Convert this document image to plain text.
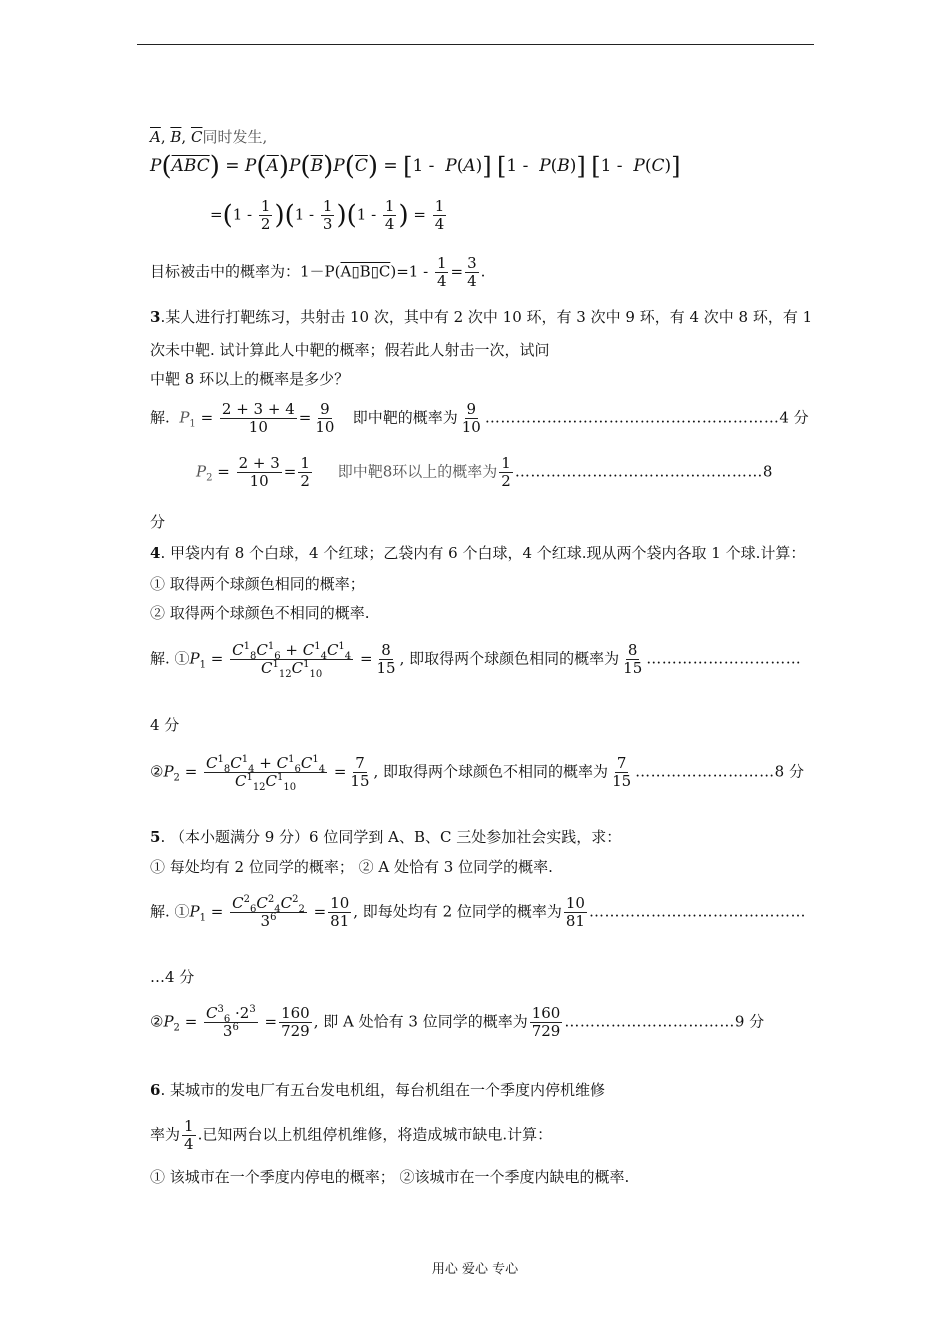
$\overline{A}$, $\overline{B}$, $\overline{C}$同时发生,
$P(\overline{ABC}) = P(\overline{A})P(\overline{B})P(\overline{C}) = [1 - P(A)]$ [1 -  P(B)] [1 -  P(C)]
$=(1 - \frac{1}{2} )(1 - \frac{1}{3} )(1 - \frac{1}{4}$ ) = $\frac{1}{4}$
目标被击中的概率为：1－P(A▯B▯C)=1 - $\frac{1}{4} = \frac{3}{4}$ .
3.某人进行打靶练习，共射击 10 次，其中有 2 次中 10 环，有 3 次中 9 环，有 4 次中 8 环，有 1
次未中靶. 试计算此人中靶的概率；假若此人射击一次，试问
中靶 8 环以上的概率是多少？
解. $P_1 = \frac{2 + 3 + 4}{10} = \frac{9}{10}$ 即中靶的概率为 $\frac{9}{10}$ …………………………………………………4 分
$P_2 = \frac{2 + 3}{10} = \frac{1}{2}$ 即中靶8环以上的概率为 $\frac{1}{2}$ …………………………………………8
分
4. 甲袋内有 8 个白球，4 个红球；乙袋内有 6 个白球，4 个红球.现从两个袋内各取 1 个球.计算：
① 取得两个球颜色相同的概率；
② 取得两个球颜色不相同的概率.
解. $①P_1 = \frac{C^1_8C^1_6 + C^1_4C^1_4}{C^1_{12}C^1_{10}} = \frac{8}{15}$ , 即取得两个球颜色相同的概率为 $\frac{8}{15}$ …………………………
4 分
$②P_2 = \frac{C^1_8C^1_4 + C^1_6C^1_4}{C^1_{12}C^1_{10}} = \frac{7}{15}$ , 即取得两个球颜色不相同的概率为 $\frac{7}{15}$ ………………………8 分
5. （本小题满分 9 分）6 位同学到 A、B、C 三处参加社会实践，求：
① 每处均有 2 位同学的概率； ② A 处恰有 3 位同学的概率.
解. $①P_1 = \frac{C^2_6C^2_4C^2_2}{3^6} = \frac{10}{81}$ , 即每处均有 2 位同学的概率为 $\frac{10}{81}$ ……………………………………
…4 分
$②P_2 = \frac{C^3_6 \cdot 2^3}{3^6} = \frac{160}{729}$ , 即 A 处恰有 3 位同学的概率为 $\frac{160}{729}$ ……………………………9 分
6. 某城市的发电厂有五台发电机组，每台机组在一个季度内停机维修
率为 $\frac{1}{4}$ .已知两台以上机组停机维修，将造成城市缺电.计算：
① 该城市在一个季度内停电的概率； ②该城市在一个季度内缺电的概率.
用心 爱心 专心
